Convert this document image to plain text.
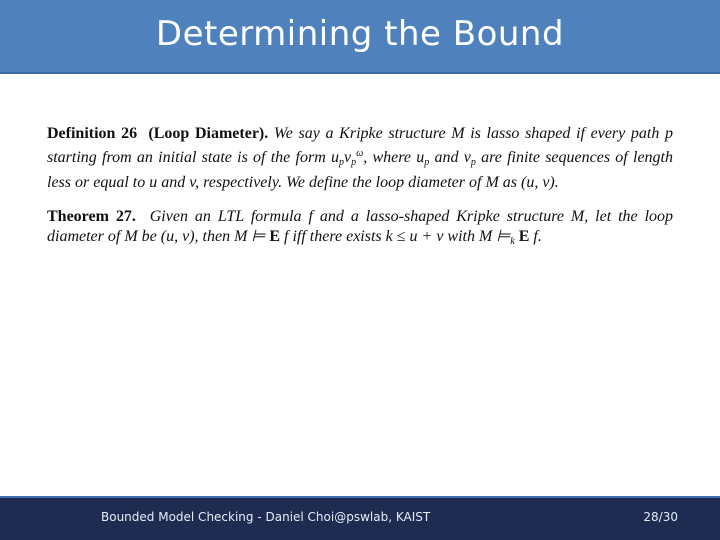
Determining the Bound

Definition 26 (Loop Diameter). We say a Kripke structure M is lasso shaped if every path p starting from an initial state is of the form upvp$^\omega$, where up and vp are finite sequences of length less or equal to u and v, respectively. We define the loop diameter of M as (u, v).

Theorem 27. Given an LTL formula f and a lasso-shaped Kripke structure M, let the loop diameter of M be (u, v), then M ⊨ E f iff there exists k ≤ u + v with M ⊨k E f.

Bounded Model Checking - Daniel Choi@pswlab, KAIST	28/30
